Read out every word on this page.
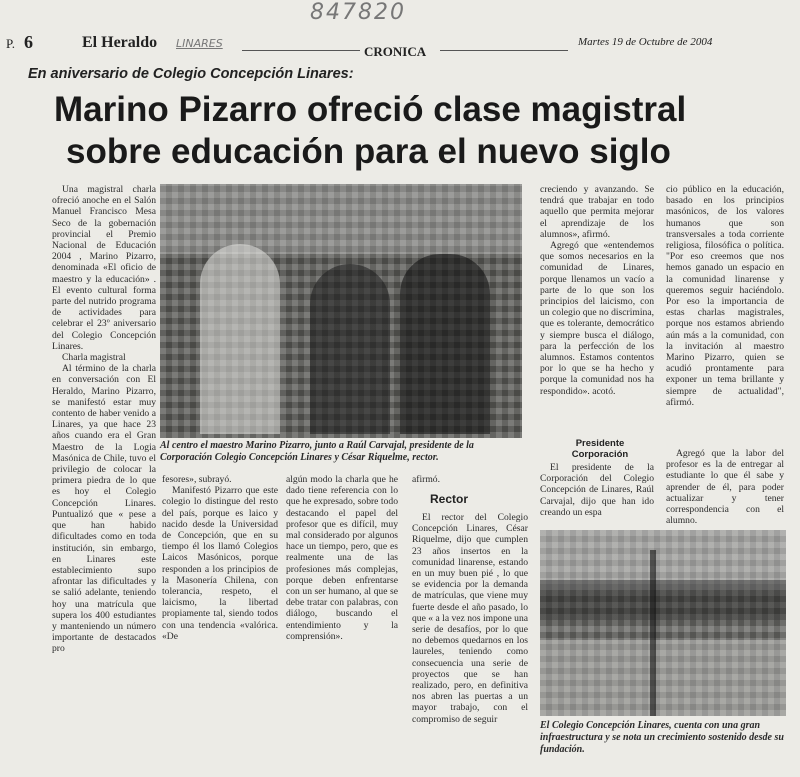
847820
P. 6	El Heraldo LINARES
CRONICA
Martes 19 de Octubre de 2004
En aniversario de Colegio Concepción Linares:
Marino Pizarro ofreció clase magistral
sobre educación para el nuevo siglo

Una magistral charla ofreció anoche en el Salón Manuel Francisco Mesa Seco de la gobernación provincial el Premio Nacional de Educación 2004 , Marino Pizarro, denominada «El oficio de maestro y la educación» . El evento cultural forma parte del nutrido programa de actividades para celebrar el 23º aniversario del Colegio Concepción Linares.

Charla magistral

Al término de la charla en conversación con El Heraldo, Marino Pizarro, se manifestó estar muy contento de haber venido a Linares, ya que hace 23 años cuando era el Gran Maestro de la Logia Masónica de Chile, tuvo el privilegio de colocar la primera piedra de lo que es hoy el Colegio Concepción Linares. Puntualizó que « pese a que han habido dificultades como en toda institución, sin embargo, en Linares este establecimiento supo afrontar las dificultades y se salió adelante, teniendo hoy una matrícula que supera los 400 estudiantes y manteniendo un número importante de destacados pro

Al centro el maestro Marino Pizarro, junto a Raúl Carvajal, presidente de la Corporación Colegio Concepción Linares y César Riquelme, rector.

fesores», subrayó.

Manifestó Pizarro que este colegio lo distingue del resto del país, porque es laico y nacido desde la Universidad de Concepción, que en su tiempo él los llamó Colegios Laicos Masónicos, porque responden a los principios de la Masonería Chilena, con tolerancia, respeto, el laicismo, la libertad propiamente tal, siendo todos con una tendencia «valórica. «De

algún modo la charla que he dado tiene referencia con lo que he expresado, sobre todo destacando el papel del profesor que es difícil, muy mal considerado por algunos hace un tiempo, pero, que es realmente una de las profesiones más complejas, porque deben enfrentarse con un ser humano, al que se debe tratar con palabras, con diálogo, buscando el entendimiento y la comprensión».

creciendo y avanzando. Se tendrá que trabajar en todo aquello que permita mejorar el aprendizaje de los alumnos», afirmó.

Agregó que «entendemos que somos necesarios en la comunidad de Linares, porque llenamos un vacío a parte de lo que son los principios del laicismo, con un colegio que no discrimina, que es tolerante, democrático y siempre busca el diálogo, para la perfección de los alumnos. Estamos contentos por lo que se ha hecho y porque la comunidad nos ha respondido». acotó.

afirmó.

Rector

El rector del Colegio Concepción Linares, César Riquelme, dijo que cumplen 23 años insertos en la comunidad linarense, estando en un muy buen pié , lo que se evidencia por la demanda de matrículas, que viene muy fuerte desde el año pasado, lo que « a la vez nos impone una serie de desafíos, por lo que no debemos quedarnos en los laureles, teniendo como consecuencia una serie de proyectos que se han realizado, pero, en definitiva nos abren las puertas a un mayor trabajo, con el compromiso de seguir

cio público en la educación, basado en los principios masónicos, de los valores humanos que son transversales a toda corriente religiosa, filosófica o política. "Por eso creemos que nos hemos ganado un espacio en la comunidad linarense y queremos seguir haciéndolo. Por eso la importancia de estas charlas magistrales, porque nos estamos abriendo aún más a la comunidad, con la invitación al maestro Marino Pizarro, quien se acudió prontamente para exponer un tema brillante y siempre de actualidad", afirmó.

Presidente Corporación

El presidente de la Corporación del Colegio Concepción de Linares, Raúl Carvajal, dijo que han ido creando un espa

Agregó que la labor del profesor es la de entregar al estudiante lo que él sabe y aprender de él, para poder actualizar y tener correspondencia con el alumno.

El Colegio Concepción Linares, cuenta con una gran infraestructura y se nota un crecimiento sostenido desde su fundación.
